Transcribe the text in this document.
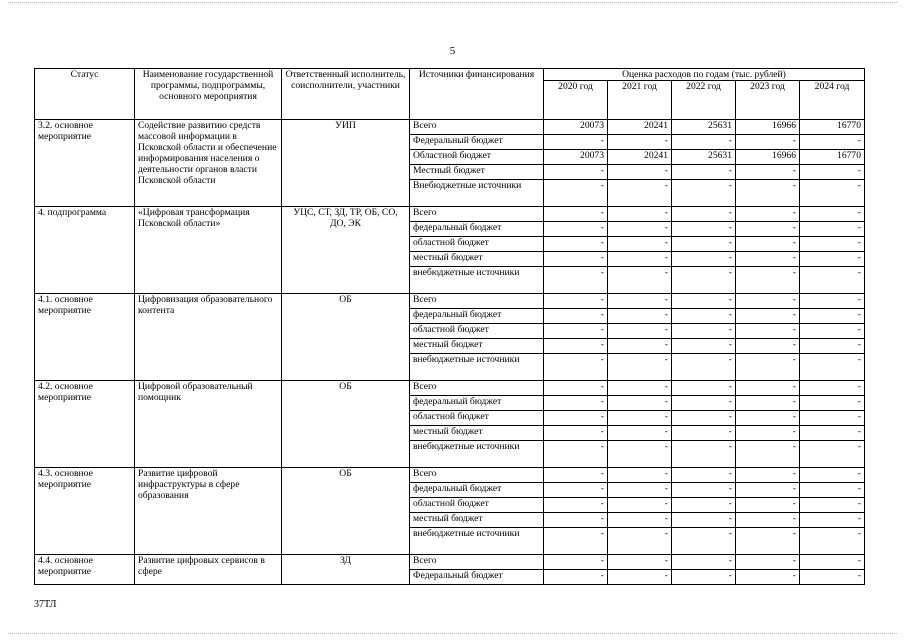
5
Статус	Наименование государственной программы, подпрограммы, основного мероприятия	Ответственный исполнитель, соисполнители, участники	Источники финансирования	Оценка расходов по годам (тыс. рублей)				
				2020 год	2021 год	2022 год	2023 год	2024 год
3.2. основное мероприятие	Содействие развитию средств массовой информации в Псковской области и обеспечение информирования населения о деятельности органов власти Псковской области	УИП	Всего	20073	20241	25631	16966	16770
			Федеральный бюджет	-	-	-	-	-
			Областной бюджет	20073	20241	25631	16966	16770
			Местный бюджет	-	-	-	-	-
			Внебюджетные источники	-	-	-	-	-
4. подпрограмма	«Цифровая трансформация Псковской области»	УЦС, СТ, ЗД, ТР, ОБ, СО, ДО, ЭК	Всего	-	-	-	-	-
			федеральный бюджет	-	-	-	-	-
			областной бюджет	-	-	-	-	-
			местный бюджет	-	-	-	-	-
			внебюджетные источники	-	-	-	-	-
4.1. основное мероприятие	Цифровизация образовательного контента	ОБ	Всего	-	-	-	-	-
			федеральный бюджет	-	-	-	-	-
			областной бюджет	-	-	-	-	-
			местный бюджет	-	-	-	-	-
			внебюджетные источники	-	-	-	-	-
4.2. основное мероприятие	Цифровой образовательный помощник	ОБ	Всего	-	-	-	-	-
			федеральный бюджет	-	-	-	-	-
			областной бюджет	-	-	-	-	-
			местный бюджет	-	-	-	-	-
			внебюджетные источники	-	-	-	-	-
4.3. основное мероприятие	Развитие цифровой инфраструктуры в сфере образования	ОБ	Всего	-	-	-	-	-
			федеральный бюджет	-	-	-	-	-
			областной бюджет	-	-	-	-	-
			местный бюджет	-	-	-	-	-
			внебюджетные источники	-	-	-	-	-
4.4. основное мероприятие	Развитие цифровых сервисов в сфере	ЗД	Всего	-	-	-	-	-
			Федеральный бюджет	-	-	-	-	-
37ТЛ
